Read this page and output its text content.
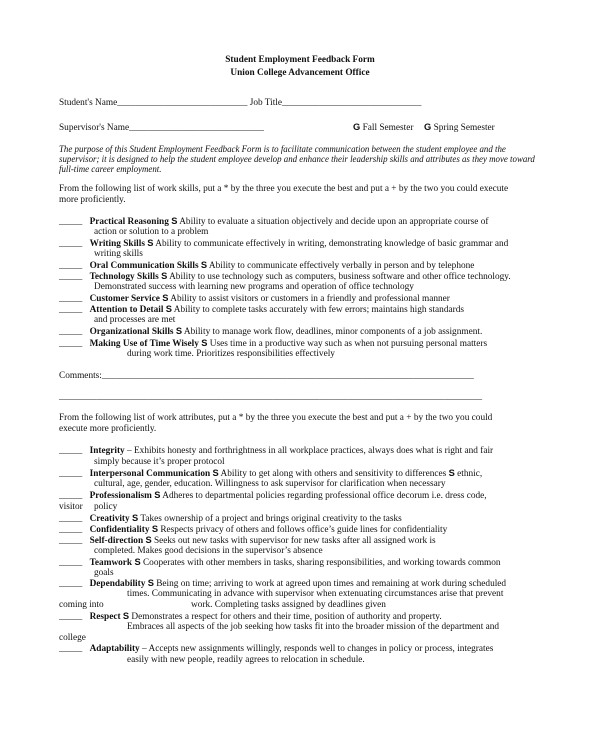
Student Employment Feedback Form
Union College Advancement Office
Student's Name____________________________ Job Title______________________________
Supervisor's Name_____________________________	G Fall Semester G Spring Semester
The purpose of this Student Employment Feedback Form is to facilitate communication between the student employee and the
supervisor; it is designed to help the student employee develop and enhance their leadership skills and attributes as they move toward
full-time career employment.
From the following list of work skills, put a * by the three you execute the best and put a + by the two you could execute
more proficiently.
_____ Practical Reasoning S Ability to evaluate a situation objectively and decide upon an appropriate course of
action or solution to a problem
_____ Writing Skills S Ability to communicate effectively in writing, demonstrating knowledge of basic grammar and
writing skills
_____ Oral Communication Skills S Ability to communicate effectively verbally in person and by telephone
_____ Technology Skills S Ability to use technology such as computers, business software and other office technology.
Demonstrated success with learning new programs and operation of office technology
_____ Customer Service S Ability to assist visitors or customers in a friendly and professional manner
_____ Attention to Detail S Ability to complete tasks accurately with few errors; maintains high standards
and processes are met
_____ Organizational Skills S Ability to manage work flow, deadlines, minor components of a job assignment.
_____ Making Use of Time Wisely S Uses time in a productive way such as when not pursuing personal matters
during work time. Prioritizes responsibilities effectively
Comments:________________________________________________________________________________
___________________________________________________________________________________________
From the following list of work attributes, put a * by the three you execute the best and put a + by the two you could
execute more proficiently.
_____ Integrity – Exhibits honesty and forthrightness in all workplace practices, always does what is right and fair
simply because it’s proper protocol
_____ Interpersonal Communication S Ability to get along with others and sensitivity to differences S ethnic,
cultural, age, gender, education. Willingness to ask supervisor for clarification when necessary
_____ Professionalism S Adheres to departmental policies regarding professional office decorum i.e. dress code,
visitor policy
_____ Creativity S Takes ownership of a project and brings original creativity to the tasks
_____ Confidentiality S Respects privacy of others and follows office’s guide lines for confidentiality
_____ Self-direction S Seeks out new tasks with supervisor for new tasks after all assigned work is
completed. Makes good decisions in the supervisor’s absence
_____ Teamwork S Cooperates with other members in tasks, sharing responsibilities, and working towards common
goals
_____ Dependability S Being on time; arriving to work at agreed upon times and remaining at work during scheduled
times. Communicating in advance with supervisor when extenuating circumstances arise that prevent
coming into	work. Completing tasks assigned by deadlines given
_____ Respect S Demonstrates a respect for others and their time, position of authority and property.
Embraces all aspects of the job seeking how tasks fit into the broader mission of the department and
college
_____ Adaptability – Accepts new assignments willingly, responds well to changes in policy or process, integrates
easily with new people, readily agrees to relocation in schedule.
